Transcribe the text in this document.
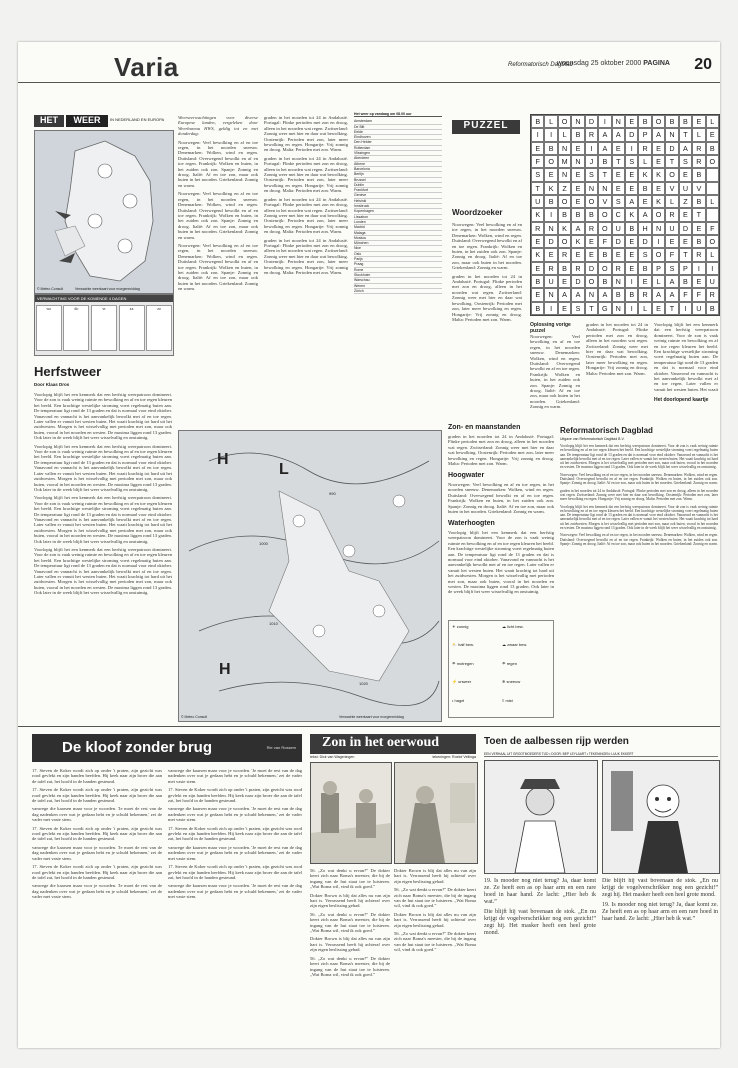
Varia	Reformatorisch Dagblad
woensdag 25 oktober 2000 PAGINA 20
HET	WEER	IN NEDERLAND EN EUROPA
© Meteo Consult	Verwachte weerkaart voor morgenmiddag
VERWACHTING VOOR DE KOMENDE 4 DAGEN
wo	do	vr	za	zo
Herfstweer
Door Klaas Dros

Voorlopig blijft het een kenmerk dat een herfstig weerpatroon domineert. Voor de zon is vaak weinig ruimte en bewolking en af en toe regen kleuren het beeld. Een krachtige westelijke stroming voert regelmatig buien aan. De temperatuur ligt rond de 13 graden en dat is normaal voor eind oktober. Vanavond en vannacht is het aanvankelijk bewolkt met af en toe regen. Later vallen er vanuit het westen buien. Het waait krachtig tot hard uit het zuidwesten. Morgen is het wisselvallig met perioden met zon, maar ook buien, vooral in het noorden en westen. De maxima liggen rond 13 graden. Ook later in de week blijft het weer wisselvallig en onstuimig.

Voorlopig blijft het een kenmerk dat een herfstig weerpatroon domineert. Voor de zon is vaak weinig ruimte en bewolking en af en toe regen kleuren het beeld. Een krachtige westelijke stroming voert regelmatig buien aan. De temperatuur ligt rond de 13 graden en dat is normaal voor eind oktober. Vanavond en vannacht is het aanvankelijk bewolkt met af en toe regen. Later vallen er vanuit het westen buien. Het waait krachtig tot hard uit het zuidwesten. Morgen is het wisselvallig met perioden met zon, maar ook buien, vooral in het noorden en westen. De maxima liggen rond 13 graden. Ook later in de week blijft het weer wisselvallig en onstuimig.

Voorlopig blijft het een kenmerk dat een herfstig weerpatroon domineert. Voor de zon is vaak weinig ruimte en bewolking en af en toe regen kleuren het beeld. Een krachtige westelijke stroming voert regelmatig buien aan. De temperatuur ligt rond de 13 graden en dat is normaal voor eind oktober. Vanavond en vannacht is het aanvankelijk bewolkt met af en toe regen. Later vallen er vanuit het westen buien. Het waait krachtig tot hard uit het zuidwesten. Morgen is het wisselvallig met perioden met zon, maar ook buien, vooral in het noorden en westen. De maxima liggen rond 13 graden. Ook later in de week blijft het weer wisselvallig en onstuimig.

Voorlopig blijft het een kenmerk dat een herfstig weerpatroon domineert. Voor de zon is vaak weinig ruimte en bewolking en af en toe regen kleuren het beeld. Een krachtige westelijke stroming voert regelmatig buien aan. De temperatuur ligt rond de 13 graden en dat is normaal voor eind oktober. Vanavond en vannacht is het aanvankelijk bewolkt met af en toe regen. Later vallen er vanuit het westen buien. Het waait krachtig tot hard uit het zuidwesten. Morgen is het wisselvallig met perioden met zon, maar ook buien, vooral in het noorden en westen. De maxima liggen rond 13 graden. Ook later in de week blijft het weer wisselvallig en onstuimig.

Weersverwachtingen voor diverse Europese landen, vergeleken door Weerbureau HWS, geldig tot en met donderdag:

Noorwegen: Veel bewolking en af en toe regen, in het noorden sneeuw. Denemarken: Wolken, wind en regen. Duitsland: Overwegend bewolkt en af en toe regen. Frankrijk: Wolken en buien, in het zuiden ook zon. Spanje: Zonnig en droog. Italië: Af en toe zon, maar ook buien in het noorden. Griekenland: Zonnig en warm.

Noorwegen: Veel bewolking en af en toe regen, in het noorden sneeuw. Denemarken: Wolken, wind en regen. Duitsland: Overwegend bewolkt en af en toe regen. Frankrijk: Wolken en buien, in het zuiden ook zon. Spanje: Zonnig en droog. Italië: Af en toe zon, maar ook buien in het noorden. Griekenland: Zonnig en warm.

Noorwegen: Veel bewolking en af en toe regen, in het noorden sneeuw. Denemarken: Wolken, wind en regen. Duitsland: Overwegend bewolkt en af en toe regen. Frankrijk: Wolken en buien, in het zuiden ook zon. Spanje: Zonnig en droog. Italië: Af en toe zon, maar ook buien in het noorden. Griekenland: Zonnig en warm.

graden in het noorden tot 24 in Andalusië. Portugal: Flinke perioden met zon en droog, alleen in het noorden wat regen. Zwitserland: Zonnig weer met hier en daar wat bewolking. Oostenrijk: Perioden met zon, later meer bewolking en regen. Hongarije: Vrij zonnig en droog. Malta: Perioden met zon. Warm.

graden in het noorden tot 24 in Andalusië. Portugal: Flinke perioden met zon en droog, alleen in het noorden wat regen. Zwitserland: Zonnig weer met hier en daar wat bewolking. Oostenrijk: Perioden met zon, later meer bewolking en regen. Hongarije: Vrij zonnig en droog. Malta: Perioden met zon. Warm.

graden in het noorden tot 24 in Andalusië. Portugal: Flinke perioden met zon en droog, alleen in het noorden wat regen. Zwitserland: Zonnig weer met hier en daar wat bewolking. Oostenrijk: Perioden met zon, later meer bewolking en regen. Hongarije: Vrij zonnig en droog. Malta: Perioden met zon. Warm.

graden in het noorden tot 24 in Andalusië. Portugal: Flinke perioden met zon en droog, alleen in het noorden wat regen. Zwitserland: Zonnig weer met hier en daar wat bewolking. Oostenrijk: Perioden met zon, later meer bewolking en regen. Hongarije: Vrij zonnig en droog. Malta: Perioden met zon. Warm.

Het weer op vandaag om 08.00 uur
Amsterdam
De Bilt
Eelde
Eindhoven
Den Helder
Rotterdam
Vlissingen
Aberdeen
Athene
Barcelona
Berlijn
Brussel
Dublin
Frankfurt
Genève
Helsinki
Innsbruck
Kopenhagen
Lissabon
Londen
Madrid
Malaga
Moskou
München
Nice
Oslo
Parijs
Praag
Rome
Stockholm
Warschau
Wenen
Zürich
990
1000
1010
1020
H
L
H
© Meteo Consult	Verwachte weerkaart voor morgenmiddag
Zon- en maanstanden

graden in het noorden tot 24 in Andalusië. Portugal: Flinke perioden met zon en droog, alleen in het noorden wat regen. Zwitserland: Zonnig weer met hier en daar wat bewolking. Oostenrijk: Perioden met zon, later meer bewolking en regen. Hongarije: Vrij zonnig en droog. Malta: Perioden met zon. Warm.

Hoogwater

Noorwegen: Veel bewolking en af en toe regen, in het noorden sneeuw. Denemarken: Wolken, wind en regen. Duitsland: Overwegend bewolkt en af en toe regen. Frankrijk: Wolken en buien, in het zuiden ook zon. Spanje: Zonnig en droog. Italië: Af en toe zon, maar ook buien in het noorden. Griekenland: Zonnig en warm.

Waterhoogten

Voorlopig blijft het een kenmerk dat een herfstig weerpatroon domineert. Voor de zon is vaak weinig ruimte en bewolking en af en toe regen kleuren het beeld. Een krachtige westelijke stroming voert regelmatig buien aan. De temperatuur ligt rond de 13 graden en dat is normaal voor eind oktober. Vanavond en vannacht is het aanvankelijk bewolkt met af en toe regen. Later vallen er vanuit het westen buien. Het waait krachtig tot hard uit het zuidwesten. Morgen is het wisselvallig met perioden met zon, maar ook buien, vooral in het noorden en westen. De maxima liggen rond 13 graden. Ook later in de week blijft het weer wisselvallig en onstuimig.

☀ zonnig	☁ licht bew.
⛅ half bew.	☁ zwaar bew.
☂ motregen	☂ regen
⚡ onweer	❄ sneeuw
• hagel	≡ mist
PUZZEL
Woordzoeker

Noorwegen: Veel bewolking en af en toe regen, in het noorden sneeuw. Denemarken: Wolken, wind en regen. Duitsland: Overwegend bewolkt en af en toe regen. Frankrijk: Wolken en buien, in het zuiden ook zon. Spanje: Zonnig en droog. Italië: Af en toe zon, maar ook buien in het noorden. Griekenland: Zonnig en warm.

graden in het noorden tot 24 in Andalusië. Portugal: Flinke perioden met zon en droog, alleen in het noorden wat regen. Zwitserland: Zonnig weer met hier en daar wat bewolking. Oostenrijk: Perioden met zon, later meer bewolking en regen. Hongarije: Vrij zonnig en droog. Malta: Perioden met zon. Warm.

B	L	O	N	D	I	N	E	B	O	B	B	E	L
I	I	L	B	R	A	A	D	P	A	N	T	L	E
E	B	N	E	I	A	E	I	R	E	D	A	R	B
F	O	M	N	J	B	T	S	L	E	T	S	R	O
S	E	N	E	S	T	E	E	K	K	O	E	B
T	K	Z	E	N	N	E	E	B	E	V	U	V
U	B	O	E	O	V	S	A	E	K	L	Z	B	L
K	I	B	B	B	O	C	K	A	O	R	E	T
R	N	K	A	R	O	U	B	H	N	U	D	E	F
E	D	O	K	E	F	D	E	D	I	E	E	B	O
K	E	R	E	E	B	E	E	S	O	F	T	R	L
E	R	B	R	D	O	R	E	B	P	S	P	I	I
B	U	E	D	O	B	N	I	E	L	A	B	E	U
E	N	A	A	N	A	B	B	R	A	A	F	F	R
B	I	E	S	T	G	N	I	L	E	T	I	U	B
Oplossing vorige puzzel

Noorwegen: Veel bewolking en af en toe regen, in het noorden sneeuw. Denemarken: Wolken, wind en regen. Duitsland: Overwegend bewolkt en af en toe regen. Frankrijk: Wolken en buien, in het zuiden ook zon. Spanje: Zonnig en droog. Italië: Af en toe zon, maar ook buien in het noorden. Griekenland: Zonnig en warm.

graden in het noorden tot 24 in Andalusië. Portugal: Flinke perioden met zon en droog, alleen in het noorden wat regen. Zwitserland: Zonnig weer met hier en daar wat bewolking. Oostenrijk: Perioden met zon, later meer bewolking en regen. Hongarije: Vrij zonnig en droog. Malta: Perioden met zon. Warm.

Voorlopig blijft het een kenmerk dat een herfstig weerpatroon domineert. Voor de zon is vaak weinig ruimte en bewolking en af en toe regen kleuren het beeld. Een krachtige westelijke stroming voert regelmatig buien aan. De temperatuur ligt rond de 13 graden en dat is normaal voor eind oktober. Vanavond en vannacht is het aanvankelijk bewolkt met af en toe regen. Later vallen er vanuit het westen buien. Het waait

Het doorlopend kaartje
Reformatorisch Dagblad
Uitgave van Reformatorisch Dagblad B.V.

Voorlopig blijft het een kenmerk dat een herfstig weerpatroon domineert. Voor de zon is vaak weinig ruimte en bewolking en af en toe regen kleuren het beeld. Een krachtige westelijke stroming voert regelmatig buien aan. De temperatuur ligt rond de 13 graden en dat is normaal voor eind oktober. Vanavond en vannacht is het aanvankelijk bewolkt met af en toe regen. Later vallen er vanuit het westen buien. Het waait krachtig tot hard uit het zuidwesten. Morgen is het wisselvallig met perioden met zon, maar ook buien, vooral in het noorden en westen. De maxima liggen rond 13 graden. Ook later in de week blijft het weer wisselvallig en onstuimig.

Noorwegen: Veel bewolking en af en toe regen, in het noorden sneeuw. Denemarken: Wolken, wind en regen. Duitsland: Overwegend bewolkt en af en toe regen. Frankrijk: Wolken en buien, in het zuiden ook zon. Spanje: Zonnig en droog. Italië: Af en toe zon, maar ook buien in het noorden. Griekenland: Zonnig en warm.

graden in het noorden tot 24 in Andalusië. Portugal: Flinke perioden met zon en droog, alleen in het noorden wat regen. Zwitserland: Zonnig weer met hier en daar wat bewolking. Oostenrijk: Perioden met zon, later meer bewolking en regen. Hongarije: Vrij zonnig en droog. Malta: Perioden met zon. Warm.

Voorlopig blijft het een kenmerk dat een herfstig weerpatroon domineert. Voor de zon is vaak weinig ruimte en bewolking en af en toe regen kleuren het beeld. Een krachtige westelijke stroming voert regelmatig buien aan. De temperatuur ligt rond de 13 graden en dat is normaal voor eind oktober. Vanavond en vannacht is het aanvankelijk bewolkt met af en toe regen. Later vallen er vanuit het westen buien. Het waait krachtig tot hard uit het zuidwesten. Morgen is het wisselvallig met perioden met zon, maar ook buien, vooral in het noorden en westen. De maxima liggen rond 13 graden. Ook later in de week blijft het weer wisselvallig en onstuimig.

Noorwegen: Veel bewolking en af en toe regen, in het noorden sneeuw. Denemarken: Wolken, wind en regen. Duitsland: Overwegend bewolkt en af en toe regen. Frankrijk: Wolken en buien, in het zuiden ook zon. Spanje: Zonnig en droog. Italië: Af en toe zon, maar ook buien in het noorden. Griekenland: Zonnig en warm.

De kloof zonder brug	Rie van Rossem

17. Steven de Koker wordt zich op onder 't praten, zijn gezicht was rood gevlekt en zijn handen beefden. Hij keek naar zijn broer die aan de tafel zat, het hoofd in de handen gesteund.

17. Steven de Koker wordt zich op onder 't praten, zijn gezicht was rood gevlekt en zijn handen beefden. Hij keek naar zijn broer die aan de tafel zat, het hoofd in de handen gesteund.

vanwege die kaarsen maar voor je woorden. 'Je moet de rest van de dag nadenken over wat je gedaan hebt en je schuld bekennen,' zei de vader met vaste stem.

17. Steven de Koker wordt zich op onder 't praten, zijn gezicht was rood gevlekt en zijn handen beefden. Hij keek naar zijn broer die aan de tafel zat, het hoofd in de handen gesteund.

vanwege die kaarsen maar voor je woorden. 'Je moet de rest van de dag nadenken over wat je gedaan hebt en je schuld bekennen,' zei de vader met vaste stem.

17. Steven de Koker wordt zich op onder 't praten, zijn gezicht was rood gevlekt en zijn handen beefden. Hij keek naar zijn broer die aan de tafel zat, het hoofd in de handen gesteund.

vanwege die kaarsen maar voor je woorden. 'Je moet de rest van de dag nadenken over wat je gedaan hebt en je schuld bekennen,' zei de vader met vaste stem.

vanwege die kaarsen maar voor je woorden. 'Je moet de rest van de dag nadenken over wat je gedaan hebt en je schuld bekennen,' zei de vader met vaste stem.

17. Steven de Koker wordt zich op onder 't praten, zijn gezicht was rood gevlekt en zijn handen beefden. Hij keek naar zijn broer die aan de tafel zat, het hoofd in de handen gesteund.

vanwege die kaarsen maar voor je woorden. 'Je moet de rest van de dag nadenken over wat je gedaan hebt en je schuld bekennen,' zei de vader met vaste stem.

17. Steven de Koker wordt zich op onder 't praten, zijn gezicht was rood gevlekt en zijn handen beefden. Hij keek naar zijn broer die aan de tafel zat, het hoofd in de handen gesteund.

vanwege die kaarsen maar voor je woorden. 'Je moet de rest van de dag nadenken over wat je gedaan hebt en je schuld bekennen,' zei de vader met vaste stem.

17. Steven de Koker wordt zich op onder 't praten, zijn gezicht was rood gevlekt en zijn handen beefden. Hij keek naar zijn broer die aan de tafel zat, het hoofd in de handen gesteund.

vanwege die kaarsen maar voor je woorden. 'Je moet de rest van de dag nadenken over wat je gedaan hebt en je schuld bekennen,' zei de vader met vaste stem.

Zon in het oerwoud
tekst: Dick van Wageningen	tekeningen: Roelof Vellinga

56. „Zo wat denkt u ervan?” De dokter keert zich naar Boma's meester, die bij de ingang van de hut staat toe te luisteren. „Wat Boma wil, vind ik ook goed.”

Dokter Brown is blij dat alles nu van zijn hart is. Verrassend heeft hij achteraf over zijn eigen beslissing gehad.

56. „Zo wat denkt u ervan?” De dokter keert zich naar Boma's meester, die bij de ingang van de hut staat toe te luisteren. „Wat Boma wil, vind ik ook goed.”

Dokter Brown is blij dat alles nu van zijn hart is. Verrassend heeft hij achteraf over zijn eigen beslissing gehad.

56. „Zo wat denkt u ervan?” De dokter keert zich naar Boma's meester, die bij de ingang van de hut staat toe te luisteren. „Wat Boma wil, vind ik ook goed.”

Dokter Brown is blij dat alles nu van zijn hart is. Verrassend heeft hij achteraf over zijn eigen beslissing gehad.

56. „Zo wat denkt u ervan?” De dokter keert zich naar Boma's meester, die bij de ingang van de hut staat toe te luisteren. „Wat Boma wil, vind ik ook goed.”

Dokter Brown is blij dat alles nu van zijn hart is. Verrassend heeft hij achteraf over zijn eigen beslissing gehad.

56. „Zo wat denkt u ervan?” De dokter keert zich naar Boma's meester, die bij de ingang van de hut staat toe te luisteren. „Wat Boma wil, vind ik ook goed.”

Toen de aalbessen rijp werden
EEN VERHAAL UIT GROOTMOEDERS TIJD • DOOR: BEP LEYLAART • TEKENINGEN: LUUK EKKERT

19. Is mooder nog niet terug? Ja, daar komt ze. Ze heeft een as op haar arm en een rare hoed in haar hand. Ze lacht: „Hier heb ik wat.”

Die blijft hij vast bovenaan de stok. „En nu krijgt de vogelverschrikker nog een gezicht!” zegt hij. Het masker heeft een heel grote mond.

Die blijft hij vast bovenaan de stok. „En nu krijgt de vogelverschrikker nog een gezicht!” zegt hij. Het masker heeft een heel grote mond.

19. Is mooder nog niet terug? Ja, daar komt ze. Ze heeft een as op haar arm en een rare hoed in haar hand. Ze lacht: „Hier heb ik wat.”
